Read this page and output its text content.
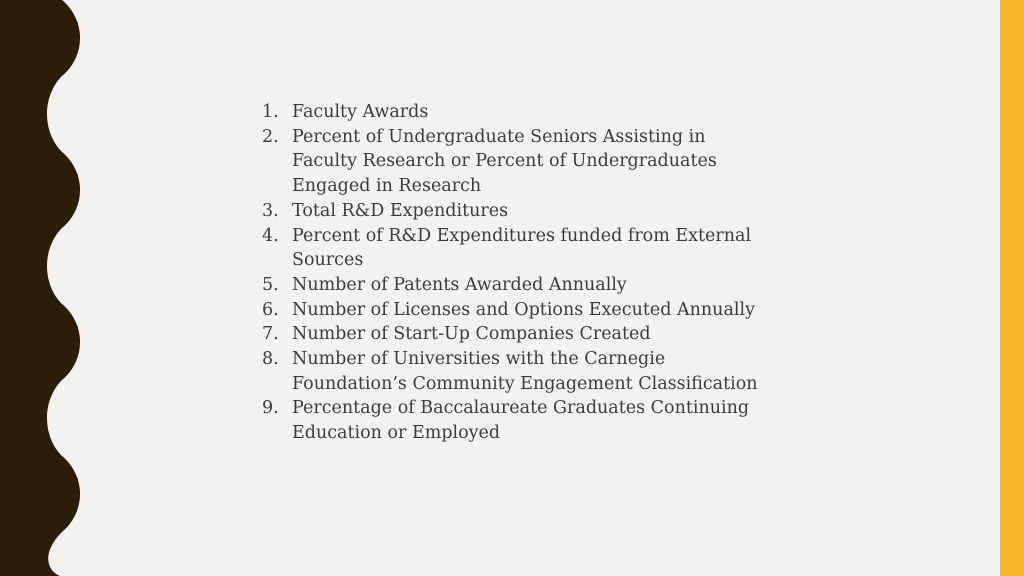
1. Faculty Awards
2. Percent of Undergraduate Seniors Assisting in Faculty Research or Percent of Undergraduates Engaged in Research
3. Total R&D Expenditures
4. Percent of R&D Expenditures funded from External Sources
5. Number of Patents Awarded Annually
6. Number of Licenses and Options Executed Annually
7. Number of Start-Up Companies Created
8. Number of Universities with the Carnegie Foundation’s Community Engagement Classification
9. Percentage of Baccalaureate Graduates Continuing Education or Employed
